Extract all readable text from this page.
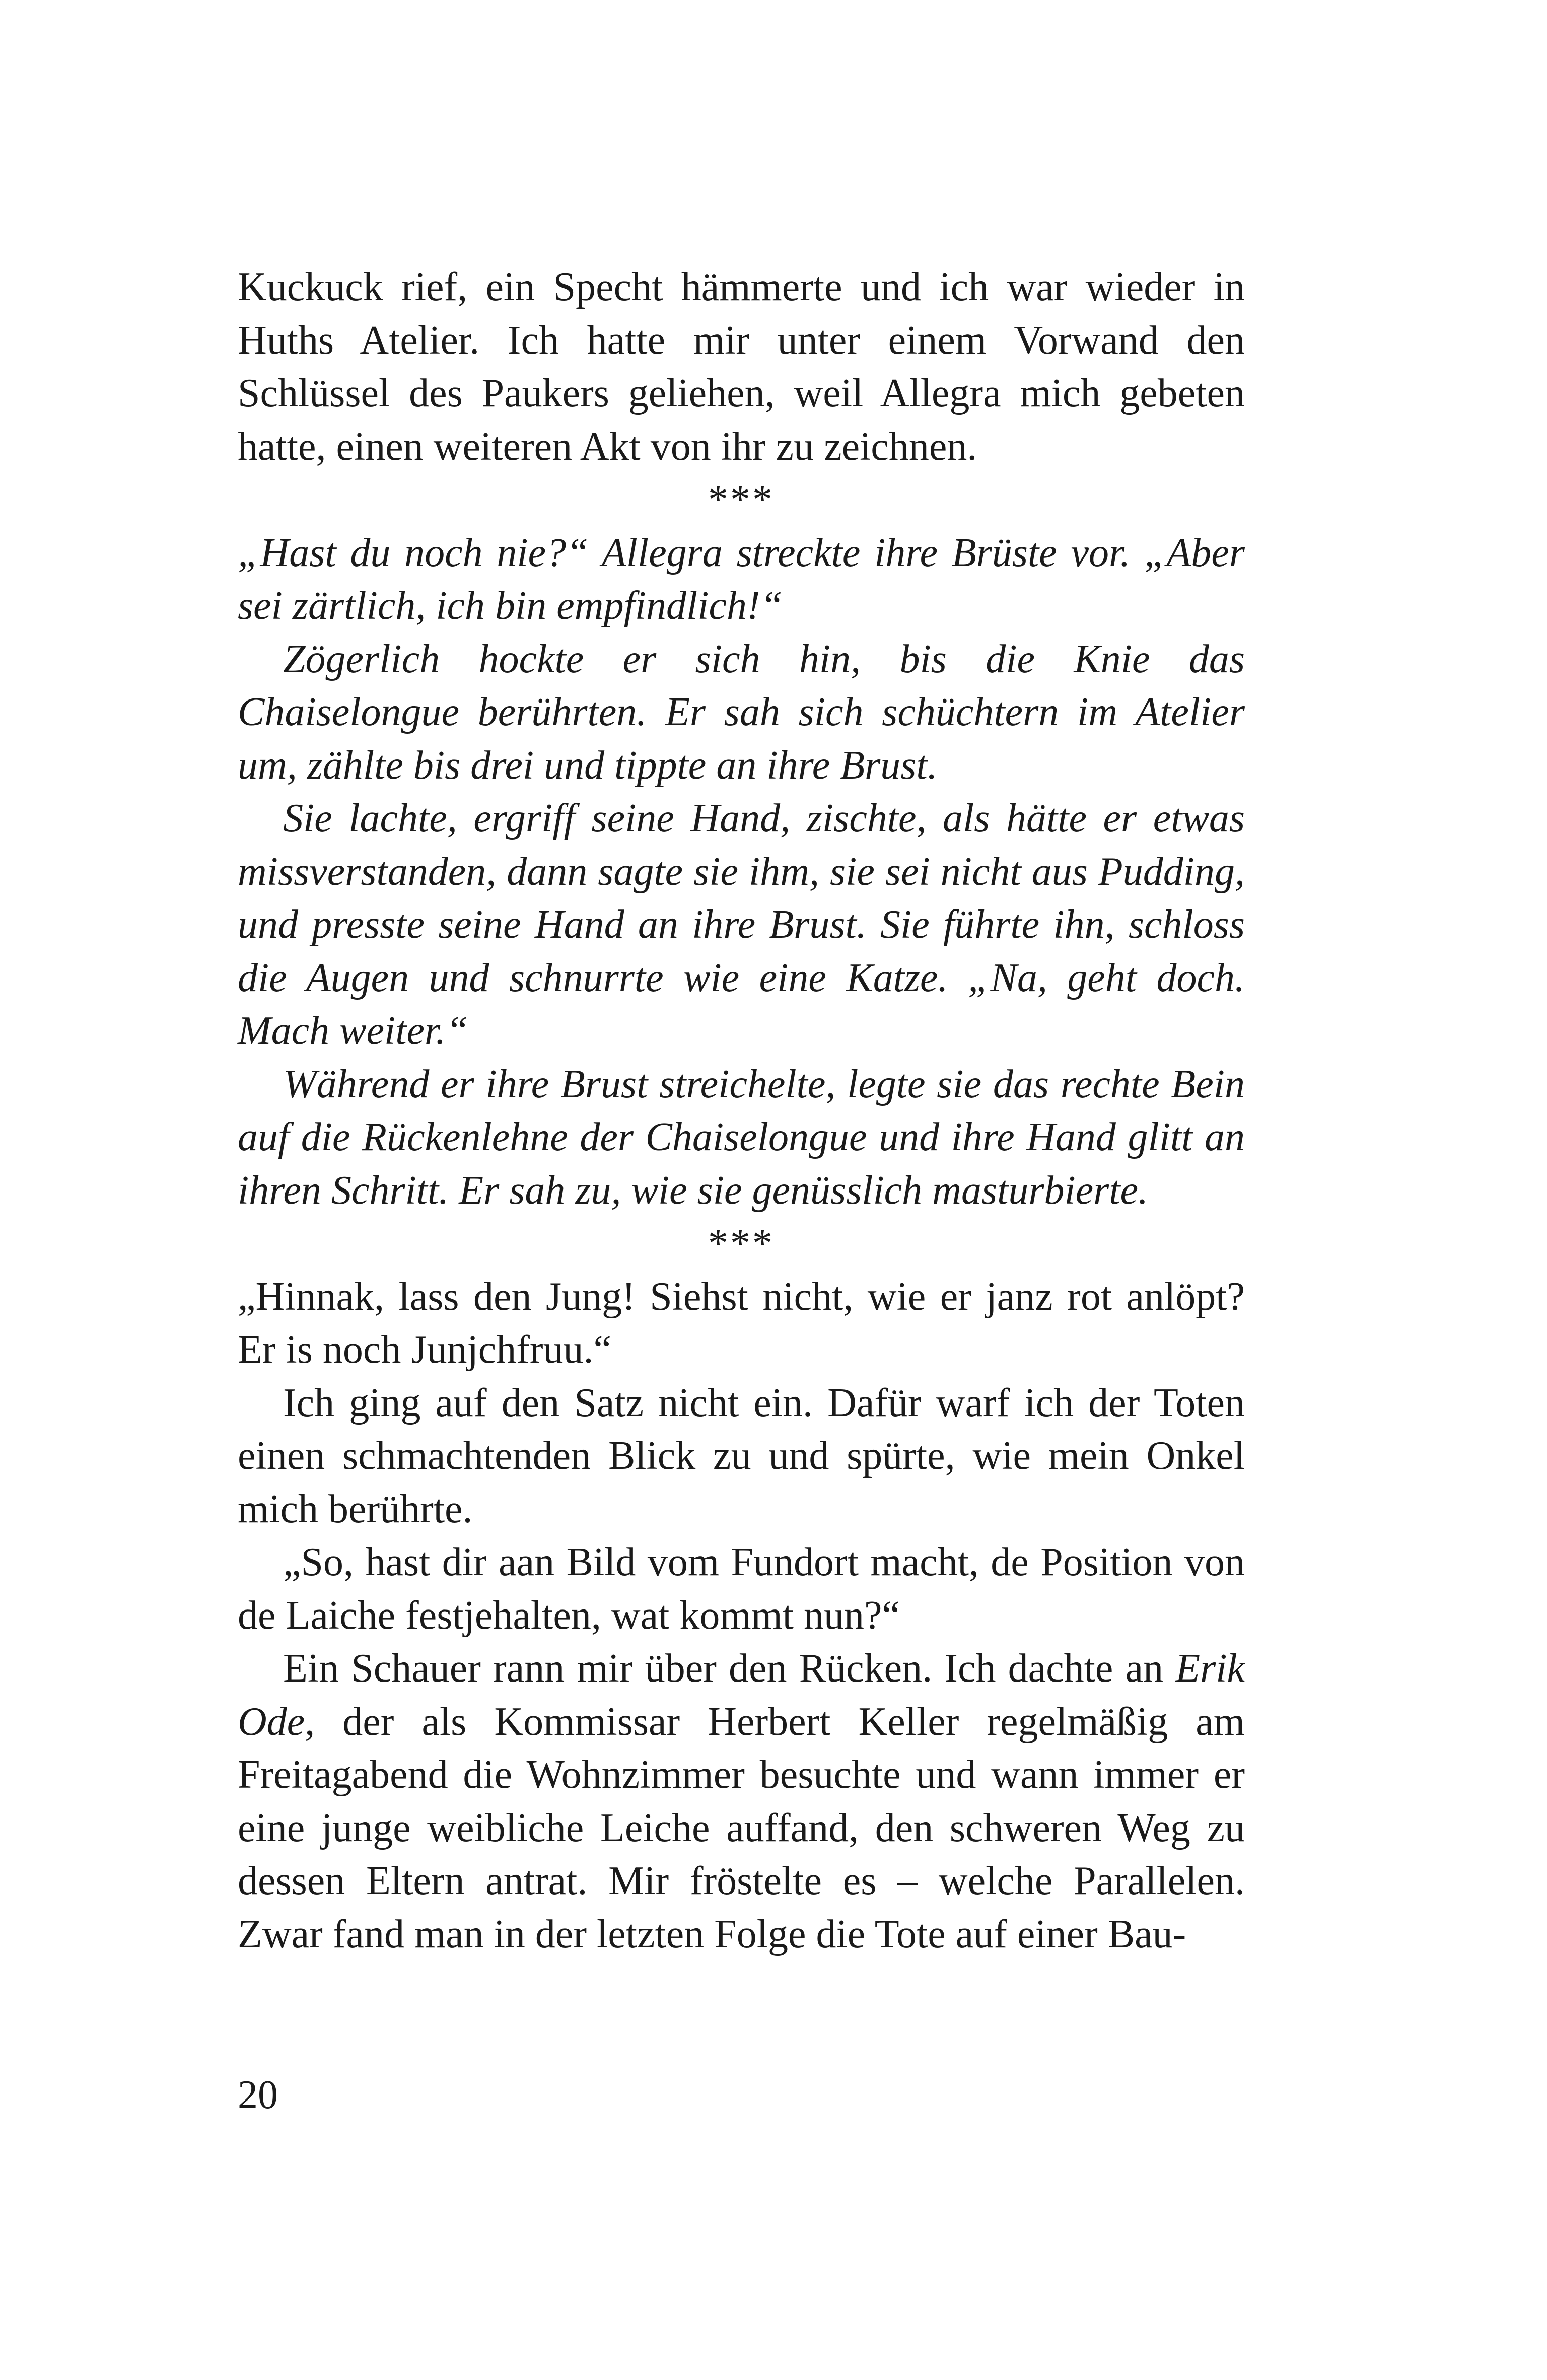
Kuckuck rief, ein Specht hämmerte und ich war wieder in Huths Atelier. Ich hatte mir unter einem Vorwand den Schlüssel des Paukers geliehen, weil Allegra mich gebeten hatte, einen weiteren Akt von ihr zu zeichnen.

***

„Hast du noch nie?“ Allegra streckte ihre Brüste vor. „Aber sei zärtlich, ich bin empfindlich!“

Zögerlich hockte er sich hin, bis die Knie das Chaiselongue berührten. Er sah sich schüchtern im Atelier um, zählte bis drei und tippte an ihre Brust.

Sie lachte, ergriff seine Hand, zischte, als hätte er etwas missverstanden, dann sagte sie ihm, sie sei nicht aus Pudding, und presste seine Hand an ihre Brust. Sie führte ihn, schloss die Augen und schnurrte wie eine Katze. „Na, geht doch. Mach weiter.“

Während er ihre Brust streichelte, legte sie das rechte Bein auf die Rückenlehne der Chaiselongue und ihre Hand glitt an ihren Schritt. Er sah zu, wie sie genüsslich masturbierte.

***

„Hinnak, lass den Jung! Siehst nicht, wie er janz rot anlöpt? Er is noch Junjchfruu.“

Ich ging auf den Satz nicht ein. Dafür warf ich der Toten einen schmachtenden Blick zu und spürte, wie mein Onkel mich berührte.

„So, hast dir aan Bild vom Fundort macht, de Position von de Laiche festjehalten, wat kommt nun?“

Ein Schauer rann mir über den Rücken. Ich dachte an Erik Ode, der als Kommissar Herbert Keller regelmäßig am Freitagabend die Wohnzimmer besuchte und wann immer er eine junge weibliche Leiche auffand, den schweren Weg zu dessen Eltern antrat. Mir fröstelte es – welche Parallelen. Zwar fand man in der letzten Folge die Tote auf einer Bau-

20
